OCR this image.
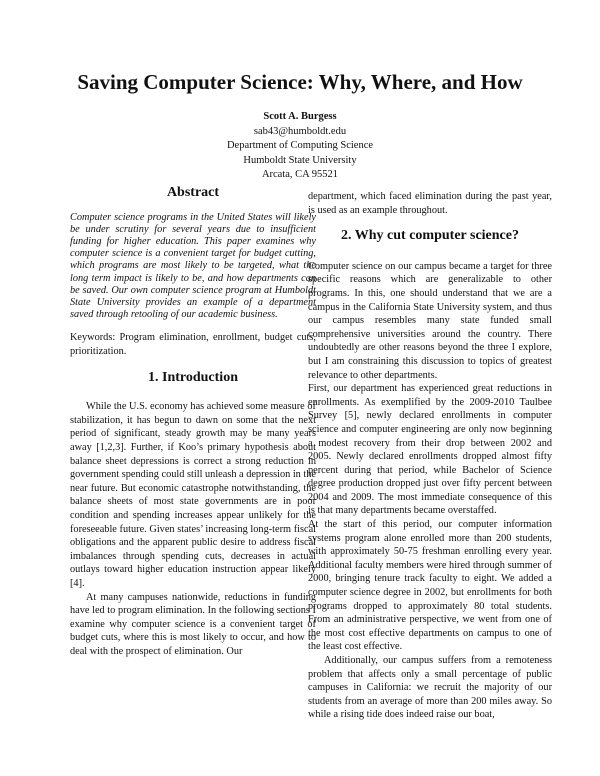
Saving Computer Science: Why, Where, and How
Scott A. Burgess
sab43@humboldt.edu
Department of Computing Science
Humboldt State University
Arcata, CA 95521
Abstract

Computer science programs in the United States will likely be under scrutiny for several years due to insufficient funding for higher education. This paper examines why computer science is a convenient target for budget cutting, which programs are most likely to be targeted, what the long term impact is likely to be, and how departments can be saved. Our own computer science program at Humboldt State University provides an example of a department saved through retooling of our academic business.

Keywords: Program elimination, enrollment, budget cuts, prioritization.

1. Introduction

While the U.S. economy has achieved some measure of stabilization, it has begun to dawn on some that the next period of significant, steady growth may be many years away [1,2,3]. Further, if Koo’s primary hypothesis about balance sheet depressions is correct a strong reduction in government spending could still unleash a depression in the near future. But economic catastrophe notwithstanding, the balance sheets of most state governments are in poor condition and spending increases appear unlikely for the foreseeable future. Given states’ increasing long-term fiscal obligations and the apparent public desire to address fiscal imbalances through spending cuts, decreases in actual outlays toward higher education instruction appear likely [4].

At many campuses nationwide, reductions in funding have led to program elimination. In the following sections I examine why computer science is a convenient target of budget cuts, where this is most likely to occur, and how to deal with the prospect of elimination. Our

department, which faced elimination during the past year, is used as an example throughout.

2. Why cut computer science?

Computer science on our campus became a target for three specific reasons which are generalizable to other programs. In this, one should understand that we are a campus in the California State University system, and thus our campus resembles many state funded small comprehensive universities around the country. There undoubtedly are other reasons beyond the three I explore, but I am constraining this discussion to topics of greatest relevance to other departments.

First, our department has experienced great reductions in enrollments. As exemplified by the 2009-2010 Taulbee Survey [5], newly declared enrollments in computer science and computer engineering are only now beginning a modest recovery from their drop between 2002 and 2005. Newly declared enrollments dropped almost fifty percent during that period, while Bachelor of Science degree production dropped just over fifty percent between 2004 and 2009. The most immediate consequence of this is that many departments became overstaffed.

At the start of this period, our computer information systems program alone enrolled more than 200 students, with approximately 50-75 freshman enrolling every year. Additional faculty members were hired through summer of 2000, bringing tenure track faculty to eight. We added a computer science degree in 2002, but enrollments for both programs dropped to approximately 80 total students. From an administrative perspective, we went from one of the most cost effective departments on campus to one of the least cost effective.

Additionally, our campus suffers from a remoteness problem that affects only a small percentage of public campuses in California: we recruit the majority of our students from an average of more than 200 miles away. So while a rising tide does indeed raise our boat,
